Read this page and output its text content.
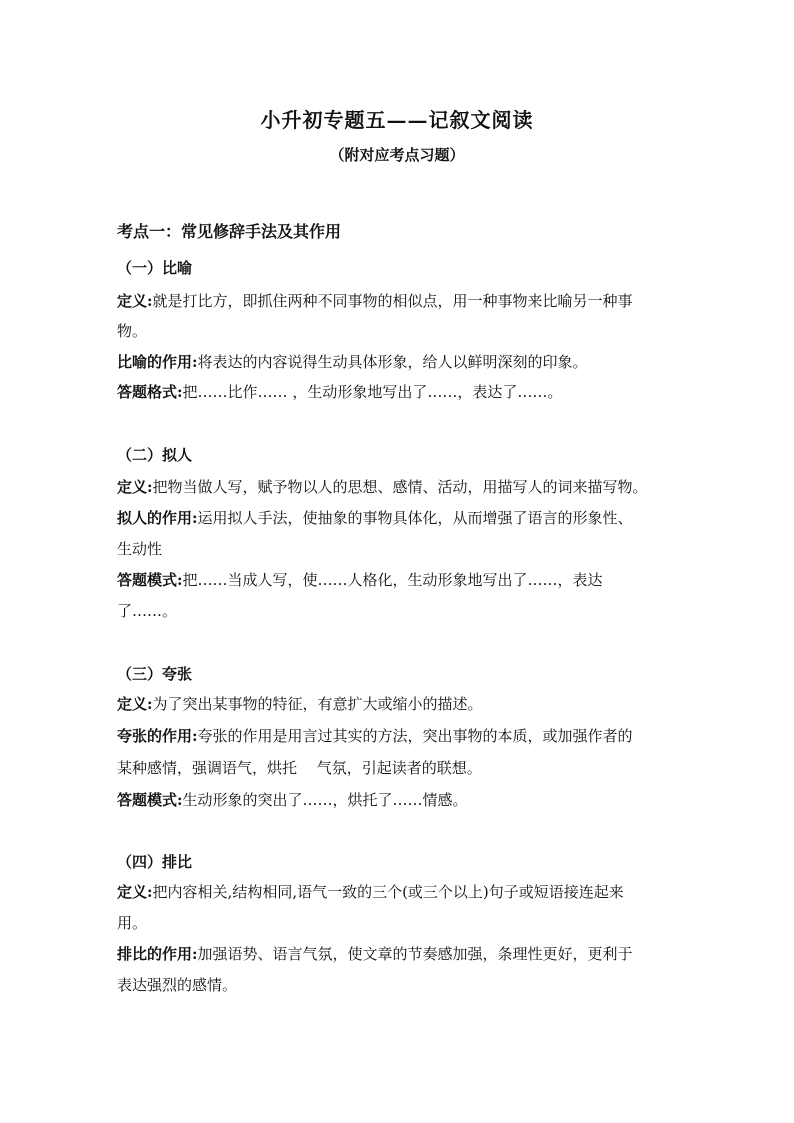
小升初专题五——记叙文阅读
（附对应考点习题）
考点一：常见修辞手法及其作用
（一）比喻
定义:就是打比方，即抓住两种不同事物的相似点，用一种事物来比喻另一种事
物。
比喻的作用:将表达的内容说得生动具体形象，给人以鲜明深刻的印象。
答题格式:把……比作…… ，生动形象地写出了……，表达了……。
（二）拟人
定义:把物当做人写，赋予物以人的思想、感情、活动，用描写人的词来描写物。
拟人的作用:运用拟人手法，使抽象的事物具体化，从而增强了语言的形象性、
生动性
答题模式:把……当成人写，使……人格化，生动形象地写出了……，表达
了……。
（三）夸张
定义:为了突出某事物的特征，有意扩大或缩小的描述。
夸张的作用:夸张的作用是用言过其实的方法，突出事物的本质，或加强作者的
某种感情，强调语气，烘托　 气氛，引起读者的联想。
答题模式:生动形象的突出了……，烘托了……情感。
（四）排比
定义:把内容相关,结构相同,语气一致的三个(或三个以上)句子或短语接连起来
用。
排比的作用:加强语势、语言气氛，使文章的节奏感加强，条理性更好，更利于
表达强烈的感情。
